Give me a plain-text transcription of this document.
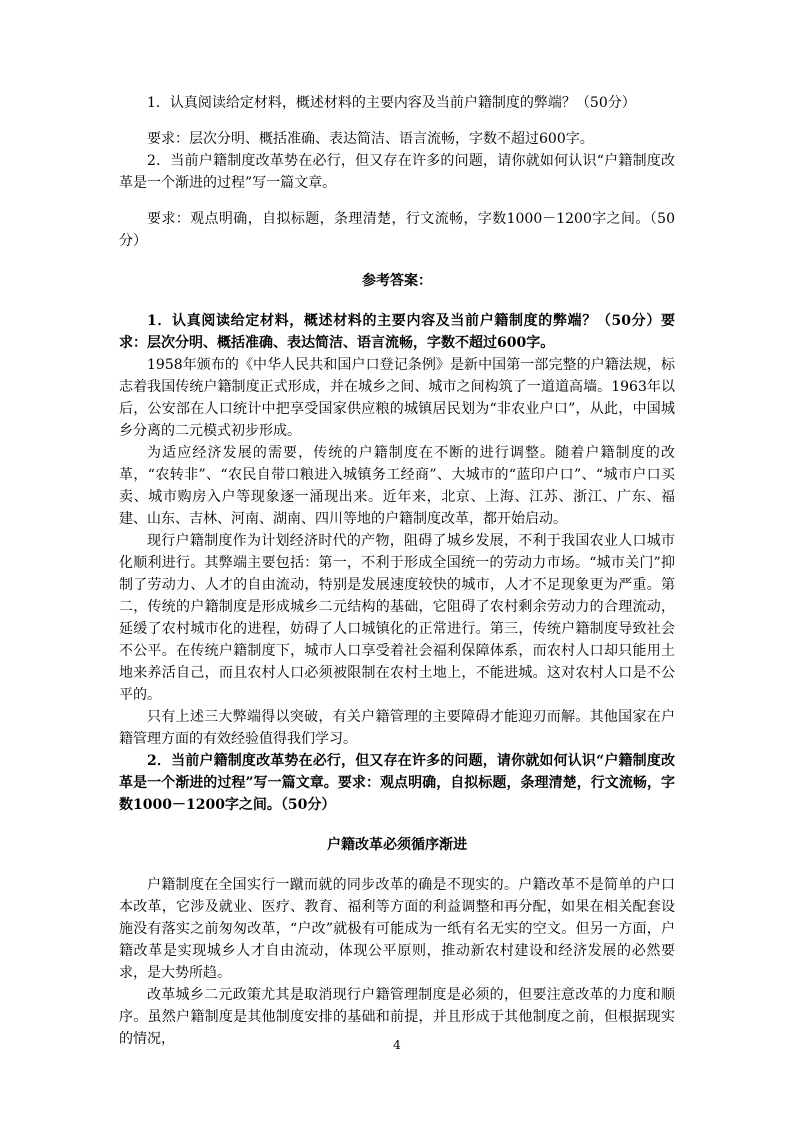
1．认真阅读给定材料，概述材料的主要内容及当前户籍制度的弊端？（50分）

要求：层次分明、概括准确、表达简洁、语言流畅，字数不超过600字。

2．当前户籍制度改革势在必行，但又存在许多的问题，请你就如何认识“户籍制度改革是一个渐进的过程”写一篇文章。

要求：观点明确，自拟标题，条理清楚，行文流畅，字数1000－1200字之间。（50分）

参考答案：

1．认真阅读给定材料，概述材料的主要内容及当前户籍制度的弊端？（50分）要求：层次分明、概括准确、表达简洁、语言流畅，字数不超过600字。

1958年颁布的《中华人民共和国户口登记条例》是新中国第一部完整的户籍法规，标志着我国传统户籍制度正式形成，并在城乡之间、城市之间构筑了一道道高墙。1963年以后，公安部在人口统计中把享受国家供应粮的城镇居民划为“非农业户口”，从此，中国城乡分离的二元模式初步形成。

为适应经济发展的需要，传统的户籍制度在不断的进行调整。随着户籍制度的改革，“农转非”、“农民自带口粮进入城镇务工经商”、大城市的“蓝印户口”、“城市户口买卖、城市购房入户等现象逐一涌现出来。近年来，北京、上海、江苏、浙江、广东、福建、山东、吉林、河南、湖南、四川等地的户籍制度改革，都开始启动。

现行户籍制度作为计划经济时代的产物，阻碍了城乡发展，不利于我国农业人口城市化顺利进行。其弊端主要包括：第一，不利于形成全国统一的劳动力市场。“城市关门”抑制了劳动力、人才的自由流动，特别是发展速度较快的城市，人才不足现象更为严重。第二，传统的户籍制度是形成城乡二元结构的基础，它阻碍了农村剩余劳动力的合理流动，延缓了农村城市化的进程，妨碍了人口城镇化的正常进行。第三，传统户籍制度导致社会不公平。在传统户籍制度下，城市人口享受着社会福利保障体系，而农村人口却只能用土地来养活自己，而且农村人口必须被限制在农村土地上，不能进城。这对农村人口是不公平的。

只有上述三大弊端得以突破，有关户籍管理的主要障碍才能迎刃而解。其他国家在户籍管理方面的有效经验值得我们学习。

2．当前户籍制度改革势在必行，但又存在许多的问题，请你就如何认识“户籍制度改革是一个渐进的过程”写一篇文章。要求：观点明确，自拟标题，条理清楚，行文流畅，字数1000－1200字之间。（50分）

户籍改革必须循序渐进

户籍制度在全国实行一蹴而就的同步改革的确是不现实的。户籍改革不是简单的户口本改革，它涉及就业、医疗、教育、福利等方面的利益调整和再分配，如果在相关配套设施没有落实之前匆匆改革，“户改”就极有可能成为一纸有名无实的空文。但另一方面，户籍改革是实现城乡人才自由流动，体现公平原则，推动新农村建设和经济发展的必然要求，是大势所趋。

改革城乡二元政策尤其是取消现行户籍管理制度是必须的，但要注意改革的力度和顺序。虽然户籍制度是其他制度安排的基础和前提，并且形成于其他制度之前，但根据现实的情况，	4
